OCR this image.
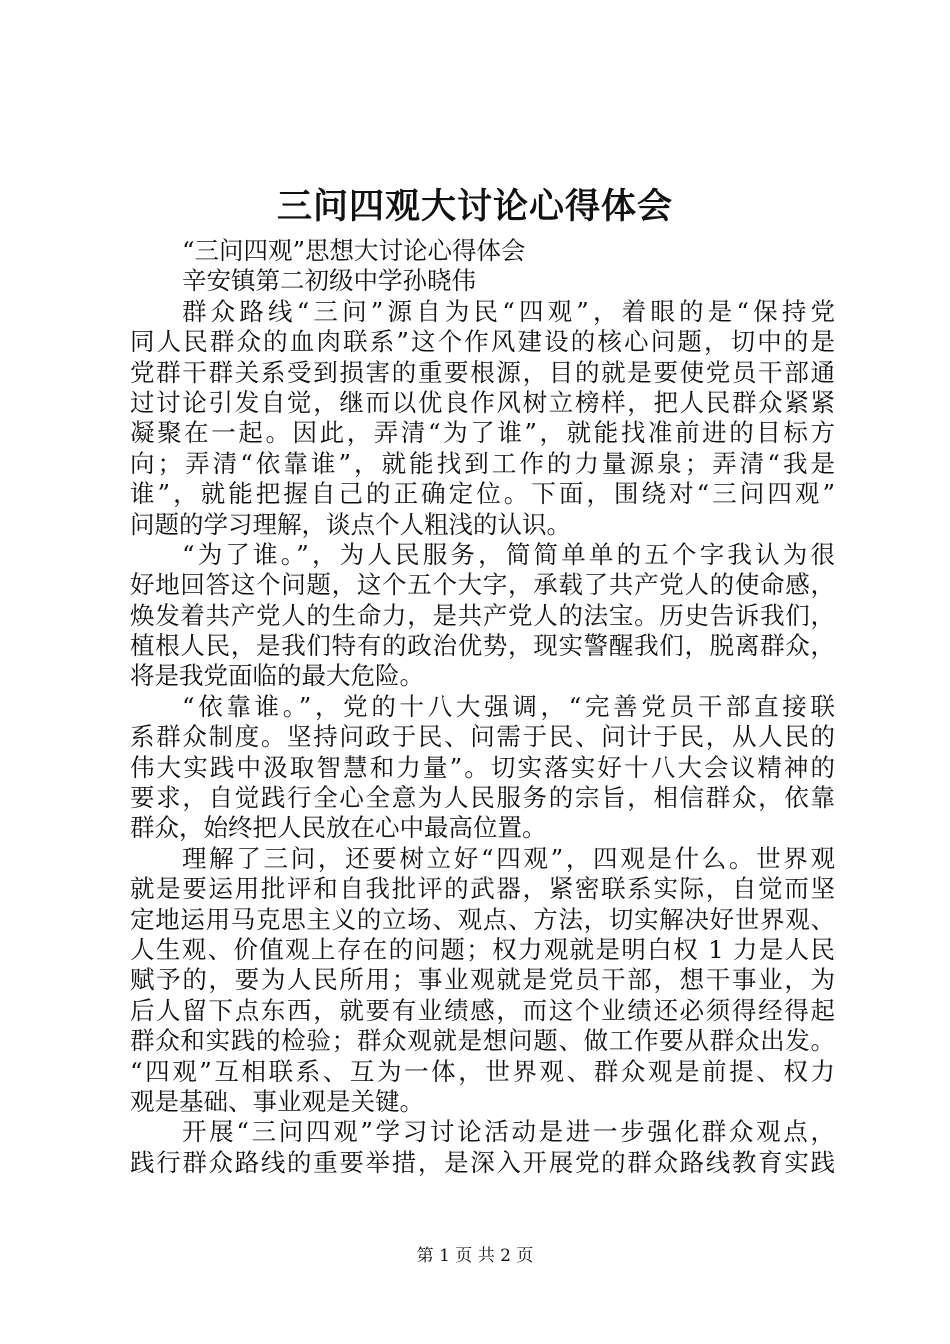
三问四观大讨论心得体会
“三问四观”思想大讨论心得体会
辛安镇第二初级中学孙晓伟
群众路线“三问”源自为民“四观”，着眼的是“保持党
同人民群众的血肉联系”这个作风建设的核心问题，切中的是
党群干群关系受到损害的重要根源，目的就是要使党员干部通
过讨论引发自觉，继而以优良作风树立榜样，把人民群众紧紧
凝聚在一起。因此，弄清“为了谁”，就能找准前进的目标方
向；弄清“依靠谁”，就能找到工作的力量源泉；弄清“我是
谁”，就能把握自己的正确定位。下面，围绕对“三问四观”
问题的学习理解，谈点个人粗浅的认识。
“为了谁。”，为人民服务，简简单单的五个字我认为很
好地回答这个问题，这个五个大字，承载了共产党人的使命感，
焕发着共产党人的生命力，是共产党人的法宝。历史告诉我们，
植根人民，是我们特有的政治优势，现实警醒我们，脱离群众，
将是我党面临的最大危险。
“依靠谁。”，党的十八大强调，“完善党员干部直接联
系群众制度。坚持问政于民、问需于民、问计于民，从人民的
伟大实践中汲取智慧和力量”。切实落实好十八大会议精神的
要求，自觉践行全心全意为人民服务的宗旨，相信群众，依靠
群众，始终把人民放在心中最高位置。
理解了三问，还要树立好“四观”，四观是什么。世界观
就是要运用批评和自我批评的武器，紧密联系实际，自觉而坚
定地运用马克思主义的立场、观点、方法，切实解决好世界观、
人生观、价值观上存在的问题；权力观就是明白权 1 力是人民
赋予的，要为人民所用；事业观就是党员干部，想干事业，为
后人留下点东西，就要有业绩感，而这个业绩还必须得经得起
群众和实践的检验；群众观就是想问题、做工作要从群众出发。
“四观”互相联系、互为一体，世界观、群众观是前提、权力
观是基础、事业观是关键。
开展“三问四观”学习讨论活动是进一步强化群众观点，
践行群众路线的重要举措，是深入开展党的群众路线教育实践
第 1 页 共 2 页
